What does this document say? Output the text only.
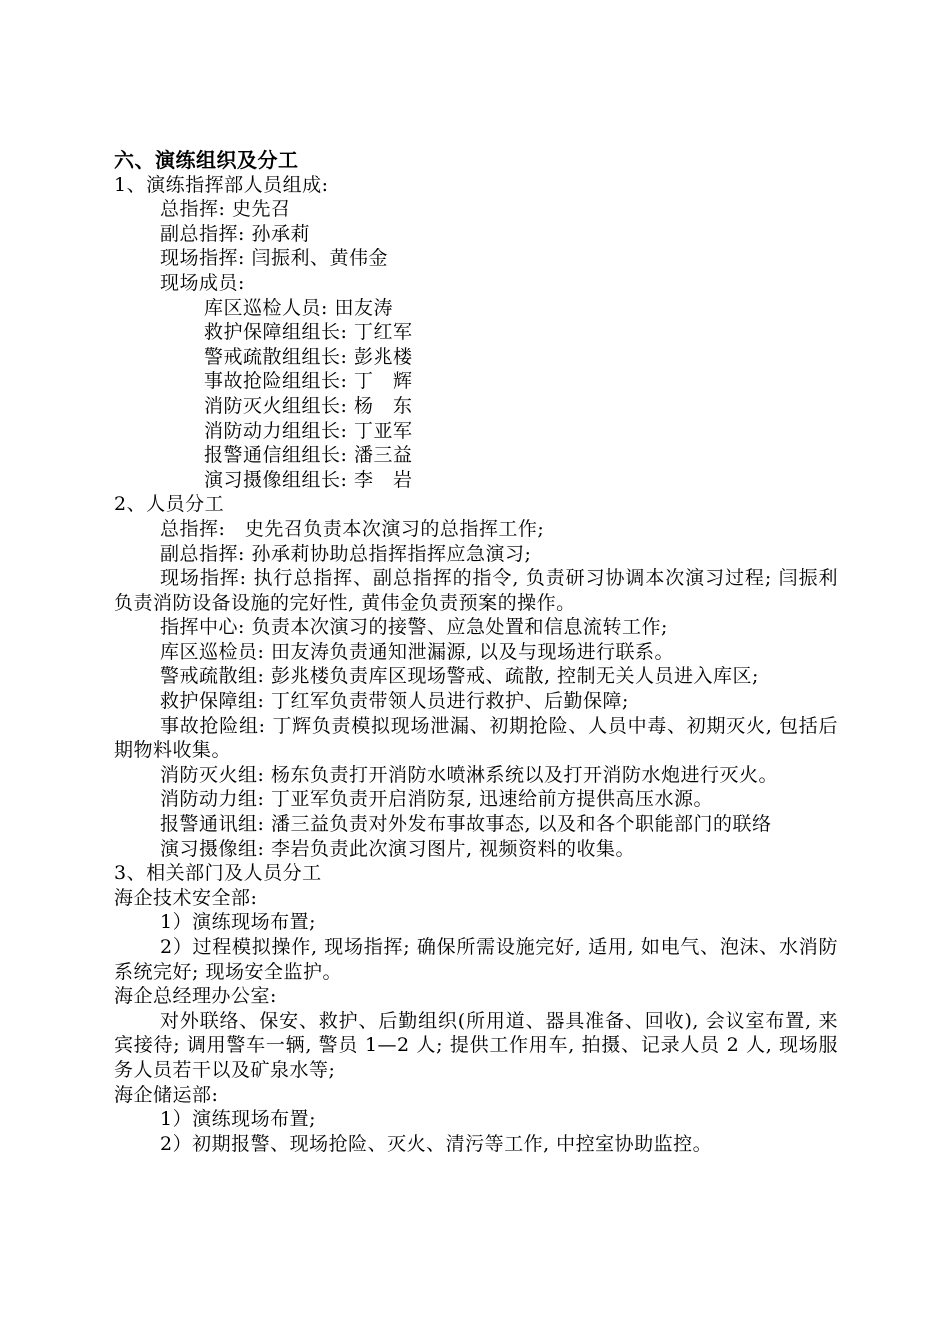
六、演练组织及分工

1、演练指挥部人员组成:

总指挥: 史先召

副总指挥: 孙承莉

现场指挥: 闫振利、黄伟金

现场成员:

库区巡检人员: 田友涛

救护保障组组长: 丁红军

警戒疏散组组长: 彭兆楼

事故抢险组组长: 丁　辉

消防灭火组组长: 杨　东

消防动力组组长: 丁亚军

报警通信组组长: 潘三益

演习摄像组组长: 李　岩

2、人员分工

总指挥:　史先召负责本次演习的总指挥工作;

副总指挥: 孙承莉协助总指挥指挥应急演习;

现场指挥: 执行总指挥、副总指挥的指令, 负责研习协调本次演习过程; 闫振利负责消防设备设施的完好性, 黄伟金负责预案的操作。

指挥中心: 负责本次演习的接警、应急处置和信息流转工作;

库区巡检员: 田友涛负责通知泄漏源, 以及与现场进行联系。

警戒疏散组: 彭兆楼负责库区现场警戒、疏散, 控制无关人员进入库区;

救护保障组: 丁红军负责带领人员进行救护、后勤保障;

事故抢险组: 丁辉负责模拟现场泄漏、初期抢险、人员中毒、初期灭火, 包括后期物料收集。

消防灭火组: 杨东负责打开消防水喷淋系统以及打开消防水炮进行灭火。

消防动力组: 丁亚军负责开启消防泵, 迅速给前方提供高压水源。

报警通讯组: 潘三益负责对外发布事故事态, 以及和各个职能部门的联络

演习摄像组: 李岩负责此次演习图片, 视频资料的收集。

3、相关部门及人员分工

海企技术安全部:

1）演练现场布置;

2）过程模拟操作, 现场指挥; 确保所需设施完好, 适用, 如电气、泡沫、水消防系统完好; 现场安全监护。

海企总经理办公室:

对外联络、保安、救护、后勤组织(所用道、器具准备、回收), 会议室布置, 来宾接待; 调用警车一辆, 警员 1—2 人; 提供工作用车, 拍摄、记录人员 2 人, 现场服务人员若干以及矿泉水等;

海企储运部:

1）演练现场布置;

2）初期报警、现场抢险、灭火、清污等工作, 中控室协助监控。
